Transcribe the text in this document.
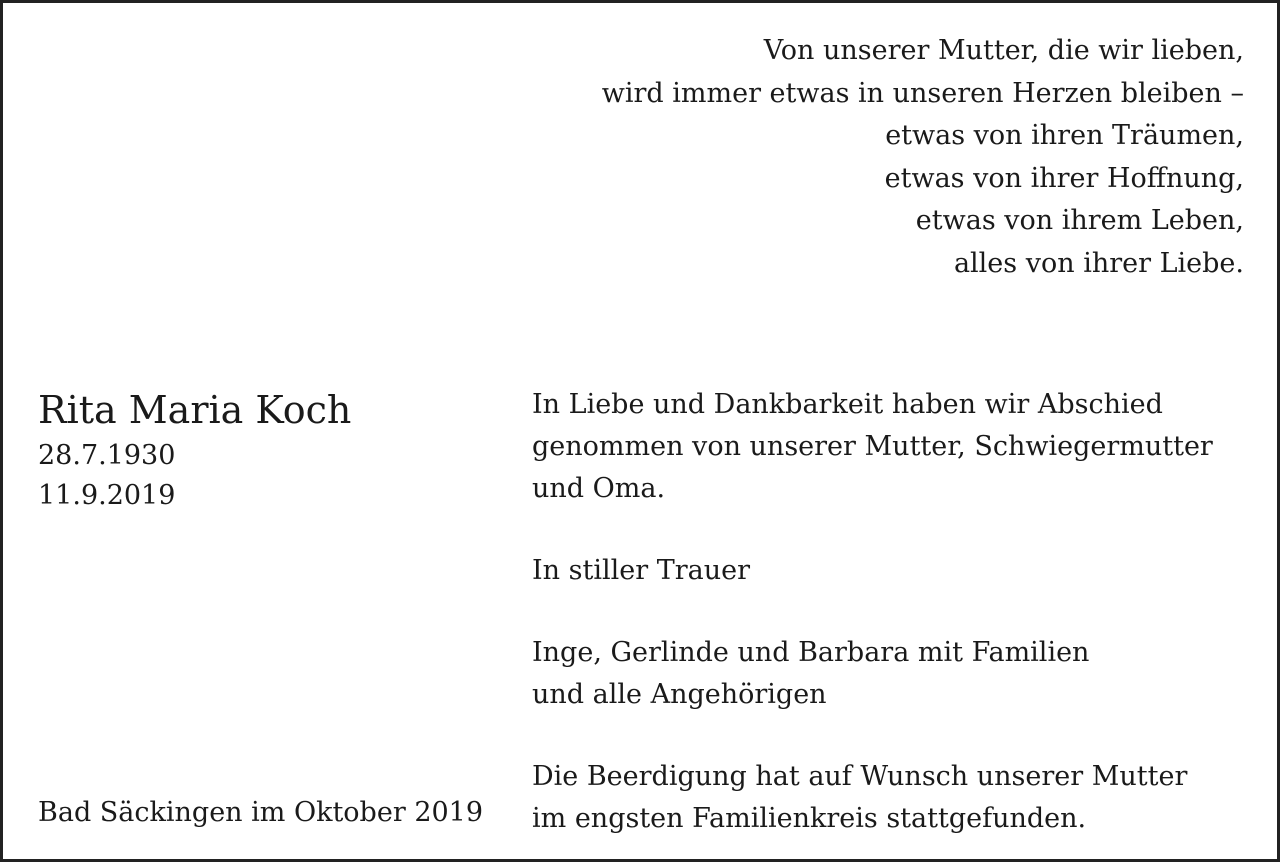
Von unserer Mutter, die wir lieben,
wird immer etwas in unseren Herzen bleiben –
etwas von ihren Träumen,
etwas von ihrer Hoffnung,
etwas von ihrem Leben,
alles von ihrer Liebe.
Rita Maria Koch
28.7.1930
11.9.2019
Bad Säckingen im Oktober 2019
In Liebe und Dankbarkeit haben wir Abschied
genommen von unserer Mutter, Schwiegermutter
und Oma.
In stiller Trauer
Inge, Gerlinde und Barbara mit Familien
und alle Angehörigen
Die Beerdigung hat auf Wunsch unserer Mutter
im engsten Familienkreis stattgefunden.
